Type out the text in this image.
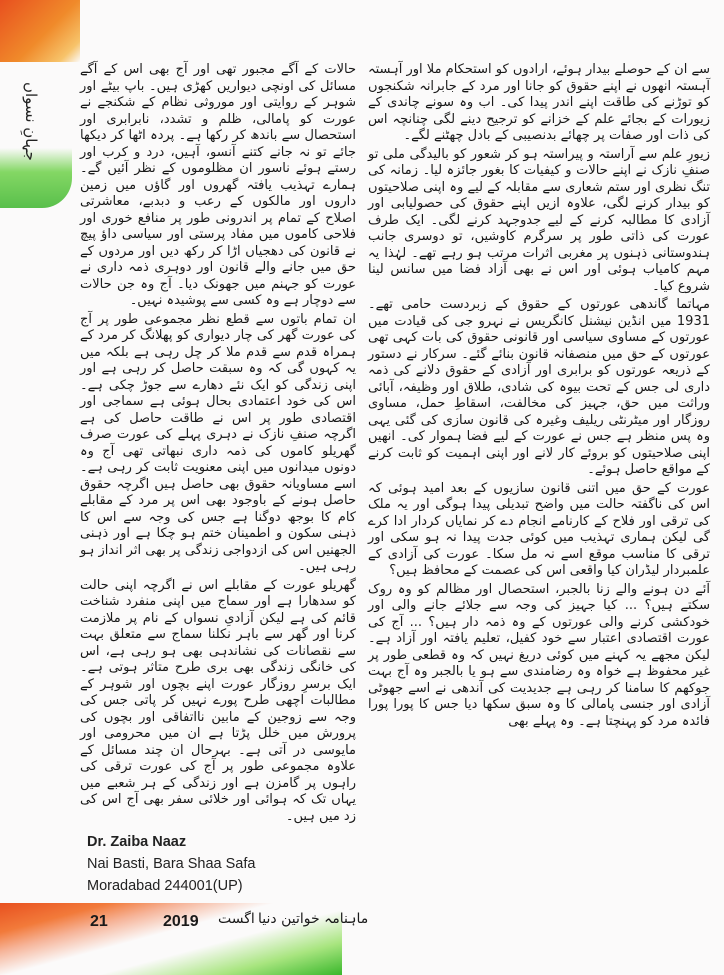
جہانِ نسواں

سے ان کے حوصلے بیدار ہوئے، ارادوں کو استحکام ملا اور آہستہ آہستہ انھوں نے اپنے حقوق کو جانا اور مرد کے جابرانہ شکنجوں کو توڑنے کی طاقت اپنے اندر پیدا کی۔ اب وہ سونے چاندی کے زیورات کے بجائے علم کے خزانے کو ترجیح دینے لگی چنانچہ اس کی ذات اور صفات پر چھائے بدنصیبی کے بادل چھٹنے لگے۔

زیورِ علم سے آراستہ و پیراستہ ہو کر شعور کو بالیدگی ملی تو صنفِ نازک نے اپنے حالات و کیفیات کا بغور جائزہ لیا۔ زمانہ کی تنگ نظری اور ستم شعاری سے مقابلہ کے لیے وہ اپنی صلاحیتوں کو بیدار کرنے لگی، علاوہ ازیں اپنے حقوق کی حصولیابی اور آزادی کا مطالبہ کرنے کے لیے جدوجہد کرنے لگی۔ ایک طرف عورت کی ذاتی طور پر سرگرم کاوشیں، تو دوسری جانب ہندوستانی ذہنوں پر مغربی اثرات مرتب ہو رہے تھے۔ لہٰذا یہ مہم کامیاب ہوئی اور اس نے بھی آزاد فضا میں سانس لینا شروع کیا۔

مہاتما گاندھی عورتوں کے حقوق کے زبردست حامی تھے۔ 1931 میں انڈین نیشنل کانگریس نے نہرو جی کی قیادت میں عورتوں کے مساوی سیاسی اور قانونی حقوق کی بات کہی تھی عورتوں کے حق میں منصفانہ قانون بنائے گئے۔ سرکار نے دستور کے ذریعہ عورتوں کو برابری اور آزادی کے حقوق دلانے کی ذمہ داری لی جس کے تحت بیوہ کی شادی، طلاق اور وظیفہ، آبائی وراثت میں حق، جہیز کی مخالفت، اسقاطِ حمل، مساوی روزگار اور میٹرنٹی ریلیف وغیرہ کی قانون سازی کی گئی یہی وہ پس منظر ہے جس نے عورت کے لیے فضا ہموار کی۔ انھیں اپنی صلاحیتوں کو بروئے کار لانے اور اپنی اہمیت کو ثابت کرنے کے مواقع حاصل ہوئے۔

عورت کے حق میں اتنی قانون سازیوں کے بعد امید ہوئی کہ اس کی ناگفتہ حالت میں واضح تبدیلی پیدا ہوگی اور یہ ملک کی ترقی اور فلاح کے کارنامے انجام دے کر نمایاں کردار ادا کرے گی لیکن ہماری تہذیب میں کوئی جدت پیدا نہ ہو سکی اور ترقی کا مناسب موقع اسے نہ مل سکا۔ عورت کی آزادی کے علمبردار لیڈران کیا واقعی اس کی عصمت کے محافظ ہیں؟

آئے دن ہونے والے زنا بالجبر، استحصال اور مظالم کو وہ روک سکتے ہیں؟ ... کیا جہیز کی وجہ سے جلائے جانے والی اور خودکشی کرنے والی عورتوں کے وہ ذمہ دار ہیں؟ ... آج کی عورت اقتصادی اعتبار سے خود کفیل، تعلیم یافتہ اور آزاد ہے۔ لیکن مجھے یہ کہنے میں کوئی دریغ نہیں کہ وہ قطعی طور پر غیر محفوظ ہے خواہ وہ رضامندی سے ہو یا بالجبر وہ آج بہت جوکھم کا سامنا کر رہی ہے جدیدیت کی آندھی نے اسے جھوٹی آزادی اور جنسی پامالی کا وہ سبق سکھا دیا جس کا پورا پورا فائدہ مرد کو پہنچتا ہے۔ وہ پہلے بھی

حالات کے آگے مجبور تھی اور آج بھی اس کے آگے مسائل کی اونچی دیواریں کھڑی ہیں۔ باپ بیٹے اور شوہر کے روایتی اور موروثی نظام کے شکنجے نے عورت کو پامالی، ظلم و تشدد، نابرابری اور استحصال سے باندھ کر رکھا ہے۔ پردہ اٹھا کر دیکھا جائے تو نہ جانے کتنے آنسو، آہیں، درد و کرب اور رستے ہوئے ناسور ان مظلوموں کے نظر آئیں گے۔ ہمارے تہذیب یافتہ گھروں اور گاؤں میں زمین داروں اور مالکوں کے رعب و دبدبے، معاشرتی اصلاح کے تمام پر اندرونی طور پر منافع خوری اور فلاحی کاموں میں مفاد پرستی اور سیاسی داؤ پیچ نے قانون کی دھجیاں اڑا کر رکھ دیں اور مردوں کے حق میں جانے والے قانون اور دوہری ذمہ داری نے عورت کو جہنم میں جھونک دیا۔ آج وہ جن حالات سے دوچار ہے وہ کسی سے پوشیدہ نہیں۔

ان تمام باتوں سے قطع نظر مجموعی طور پر آج کی عورت گھر کی چار دیواری کو پھلانگ کر مرد کے ہمراہ قدم سے قدم ملا کر چل رہی ہے بلکہ میں یہ کہوں گی کہ وہ سبقت حاصل کر رہی ہے اور اپنی زندگی کو ایک نئے دھارے سے جوڑ چکی ہے۔ اس کی خود اعتمادی بحال ہوئی ہے سماجی اور اقتصادی طور پر اس نے طاقت حاصل کی ہے اگرچہ صنفِ نازک نے دہری پہلے کی عورت صرف گھریلو کاموں کی ذمہ داری نبھاتی تھی آج وہ دونوں میدانوں میں اپنی معنویت ثابت کر رہی ہے۔ اسے مساویانہ حقوق بھی حاصل ہیں اگرچہ حقوق حاصل ہونے کے باوجود بھی اس پر مرد کے مقابلے کام کا بوجھ دوگنا ہے جس کی وجہ سے اس کا ذہنی سکون و اطمینان ختم ہو چکا ہے اور ذہنی الجھنیں اس کی ازدواجی زندگی پر بھی اثر انداز ہو رہی ہیں۔

گھریلو عورت کے مقابلے اس نے اگرچہ اپنی حالت کو سدھارا ہے اور سماج میں اپنی منفرد شناخت قائم کی ہے لیکن آزادیِ نسواں کے نام پر ملازمت کرنا اور گھر سے باہر نکلنا سماج سے متعلق بہت سے نقصانات کی نشاندہی بھی ہو رہی ہے، اس کی خانگی زندگی بھی بری طرح متاثر ہوتی ہے۔ ایک برسرِ روزگار عورت اپنے بچوں اور شوہر کے مطالبات اچھی طرح پورے نہیں کر پاتی جس کی وجہ سے زوجین کے مابین نااتفاقی اور بچوں کی پرورش میں خلل پڑتا ہے ان میں محرومی اور مایوسی در آتی ہے۔ بہرحال ان چند مسائل کے علاوہ مجموعی طور پر آج کی عورت ترقی کی راہوں پر گامزن ہے اور زندگی کے ہر شعبے میں یہاں تک کہ ہوائی اور خلائی سفر بھی آج اس کی زد میں ہیں۔

Dr. Zaiba Naaz
Nai Basti, Bara Shaa Safa
Moradabad 244001(UP)
21	2019 اگست ماہنامہ خواتین دنیا
